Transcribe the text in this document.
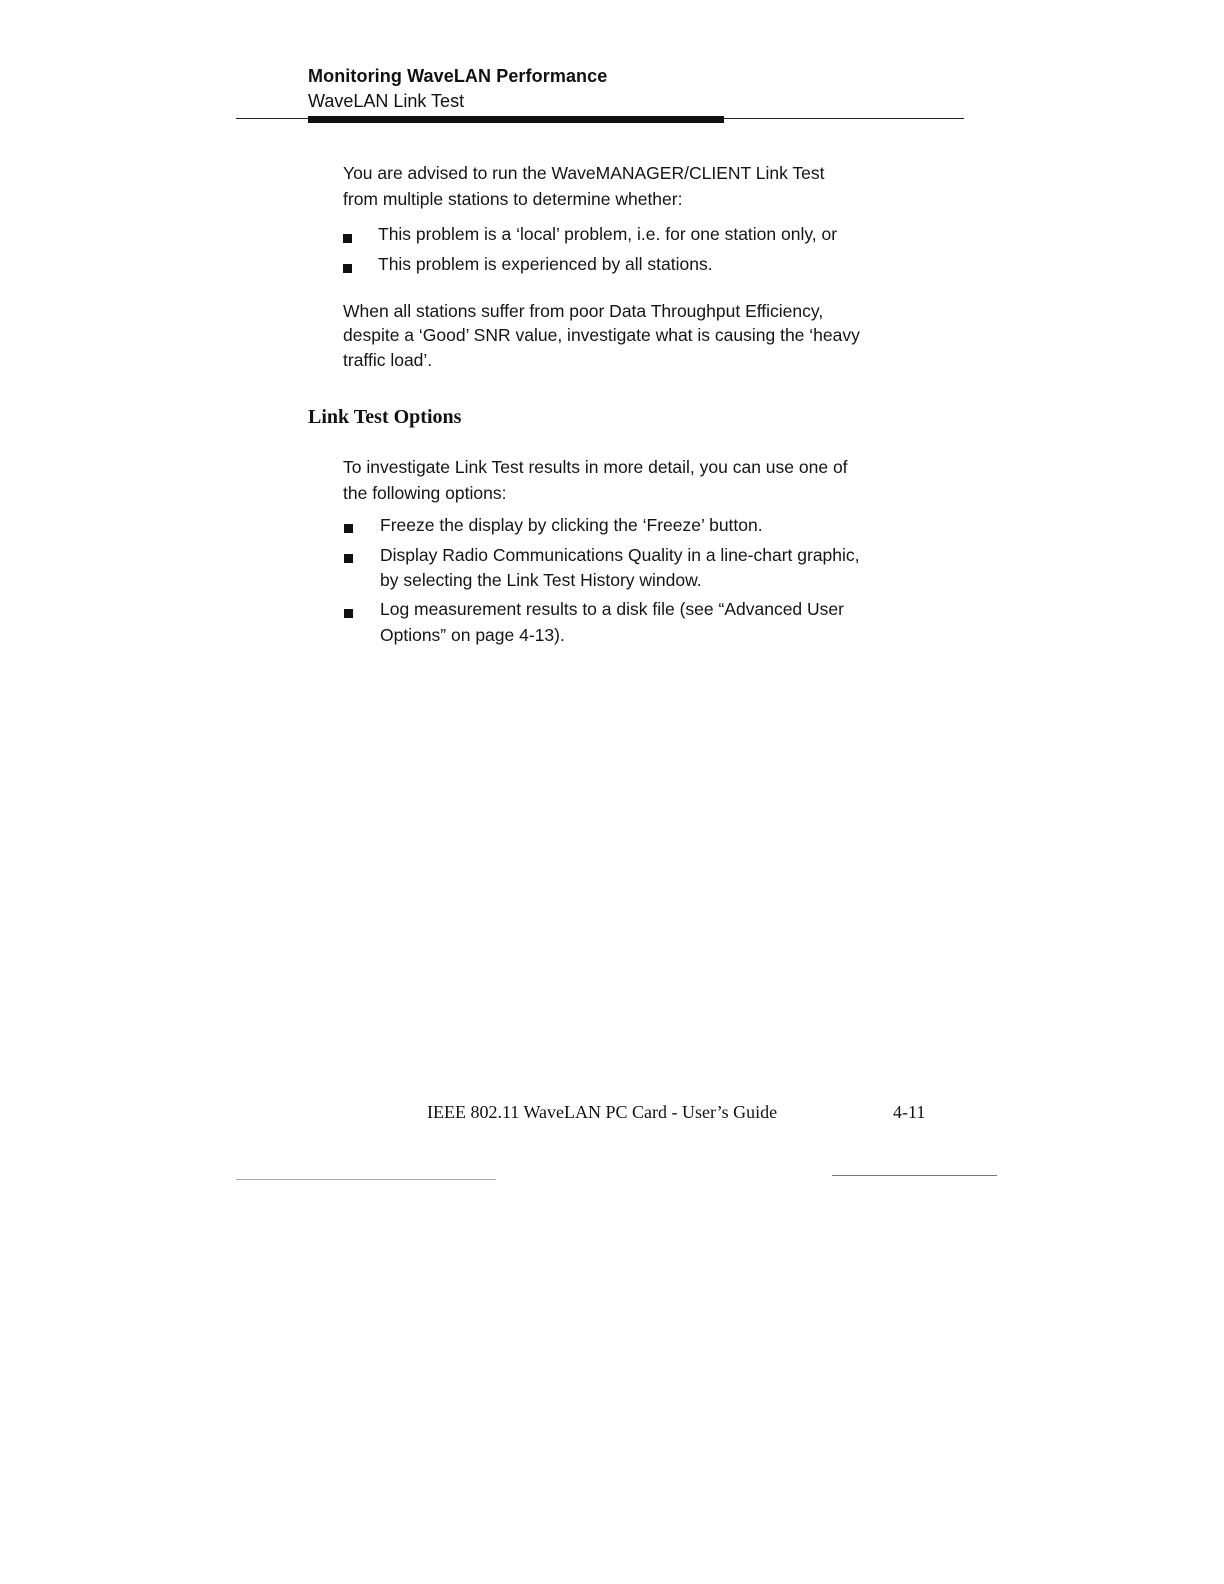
Monitoring WaveLAN Performance
WaveLAN Link Test
You are advised to run the WaveMANAGER/CLIENT Link Test
from multiple stations to determine whether:
This problem is a ‘local’ problem, i.e. for one station only, or
This problem is experienced by all stations.
When all stations suffer from poor Data Throughput Efficiency,
despite a ‘Good’ SNR value, investigate what is causing the ‘heavy
traffic load’.
Link Test Options
To investigate Link Test results in more detail, you can use one of
the following options:
Freeze the display by clicking the ‘Freeze’ button.
Display Radio Communications Quality in a line-chart graphic,
by selecting the Link Test History window.
Log measurement results to a disk file (see “Advanced User
Options” on page 4-13).
IEEE 802.11 WaveLAN PC Card - User’s Guide	4-11
